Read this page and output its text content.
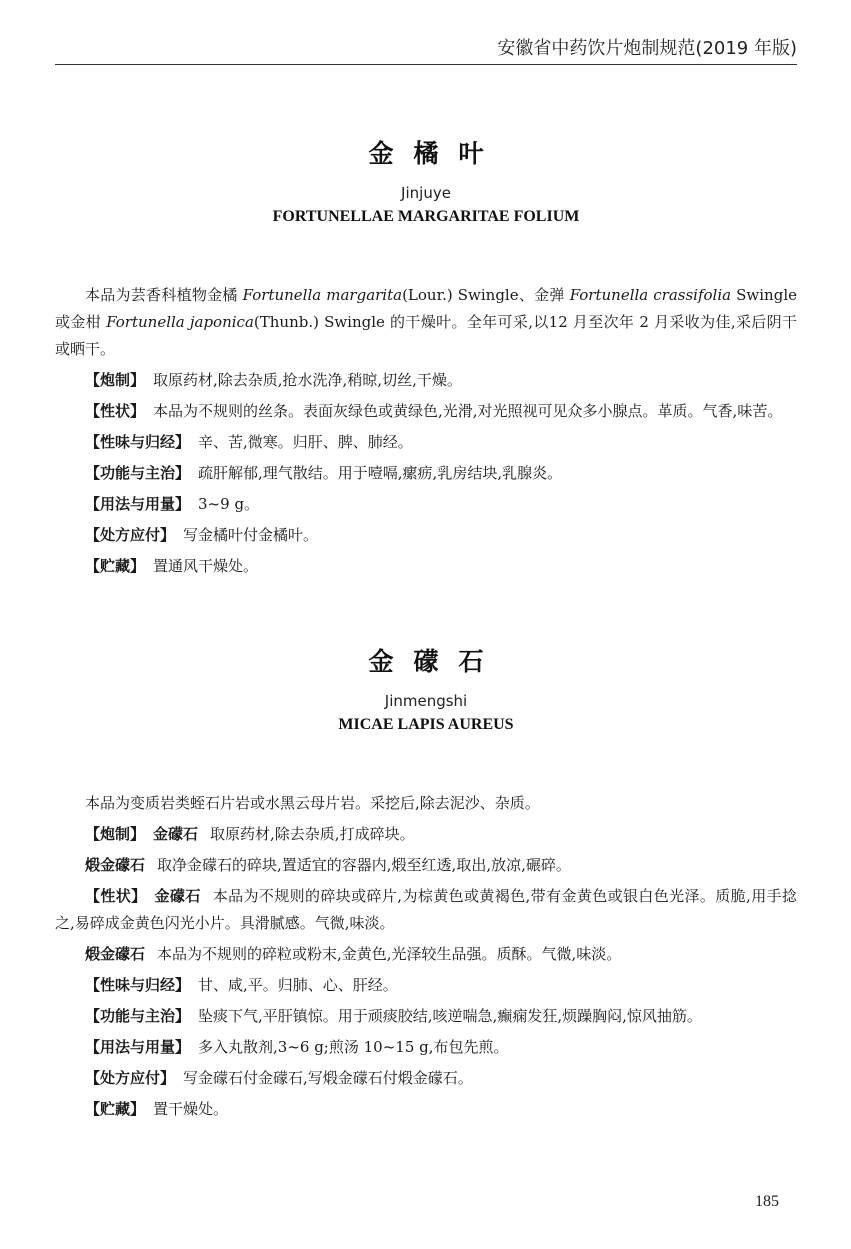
安徽省中药饮片炮制规范(2019 年版)
金橘叶
Jinjuye
FORTUNELLAE MARGARITAE FOLIUM

本品为芸香科植物金橘 Fortunella margarita(Lour.) Swingle、金弹 Fortunella crassifolia Swingle或金柑 Fortunella japonica(Thunb.) Swingle 的干燥叶。全年可采,以12 月至次年 2 月采收为佳,采后阴干或晒干。

【炮制】 取原药材,除去杂质,抢水洗净,稍晾,切丝,干燥。

【性状】 本品为不规则的丝条。表面灰绿色或黄绿色,光滑,对光照视可见众多小腺点。革质。气香,味苦。

【性味与归经】 辛、苦,微寒。归肝、脾、肺经。

【功能与主治】 疏肝解郁,理气散结。用于噎嗝,瘰疬,乳房结块,乳腺炎。

【用法与用量】 3~9 g。

【处方应付】 写金橘叶付金橘叶。

【贮藏】 置通风干燥处。

金礞石
Jinmengshi
MICAE LAPIS AUREUS

本品为变质岩类蛭石片岩或水黑云母片岩。采挖后,除去泥沙、杂质。

【炮制】 金礞石 取原药材,除去杂质,打成碎块。

煅金礞石 取净金礞石的碎块,置适宜的容器内,煅至红透,取出,放凉,碾碎。

【性状】 金礞石 本品为不规则的碎块或碎片,为棕黄色或黄褐色,带有金黄色或银白色光泽。质脆,用手捻之,易碎成金黄色闪光小片。具滑腻感。气微,味淡。

煅金礞石 本品为不规则的碎粒或粉末,金黄色,光泽较生品强。质酥。气微,味淡。

【性味与归经】 甘、咸,平。归肺、心、肝经。

【功能与主治】 坠痰下气,平肝镇惊。用于顽痰胶结,咳逆喘急,癫痫发狂,烦躁胸闷,惊风抽筋。

【用法与用量】 多入丸散剂,3~6 g;煎汤 10~15 g,布包先煎。

【处方应付】 写金礞石付金礞石,写煅金礞石付煅金礞石。

【贮藏】 置干燥处。

185
